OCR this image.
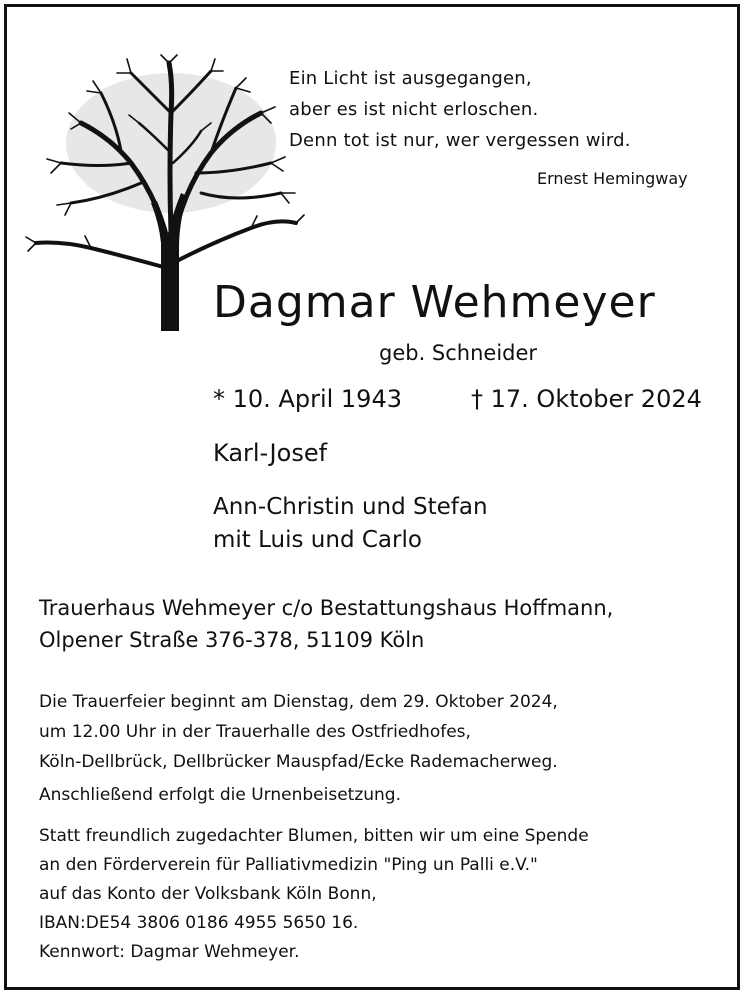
Ein Licht ist ausgegangen,
aber es ist nicht erloschen.
Denn tot ist nur, wer vergessen wird.
Ernest Hemingway
Dagmar Wehmeyer
geb. Schneider
* 10. April 1943	† 17. Oktober 2024
Karl-Josef
Ann-Christin und Stefan
mit Luis und Carlo
Trauerhaus Wehmeyer c/o Bestattungshaus Hoffmann,
Olpener Straße 376-378, 51109 Köln
Die Trauerfeier beginnt am Dienstag, dem 29. Oktober 2024,
um 12.00 Uhr in der Trauerhalle des Ostfriedhofes,
Köln-Dellbrück, Dellbrücker Mauspfad/Ecke Rademacherweg.
Anschließend erfolgt die Urnenbeisetzung.
Statt freundlich zugedachter Blumen, bitten wir um eine Spende
an den Förderverein für Palliativmedizin "Ping un Palli e.V."
auf das Konto der Volksbank Köln Bonn,
IBAN:DE54 3806 0186 4955 5650 16.
Kennwort: Dagmar Wehmeyer.
